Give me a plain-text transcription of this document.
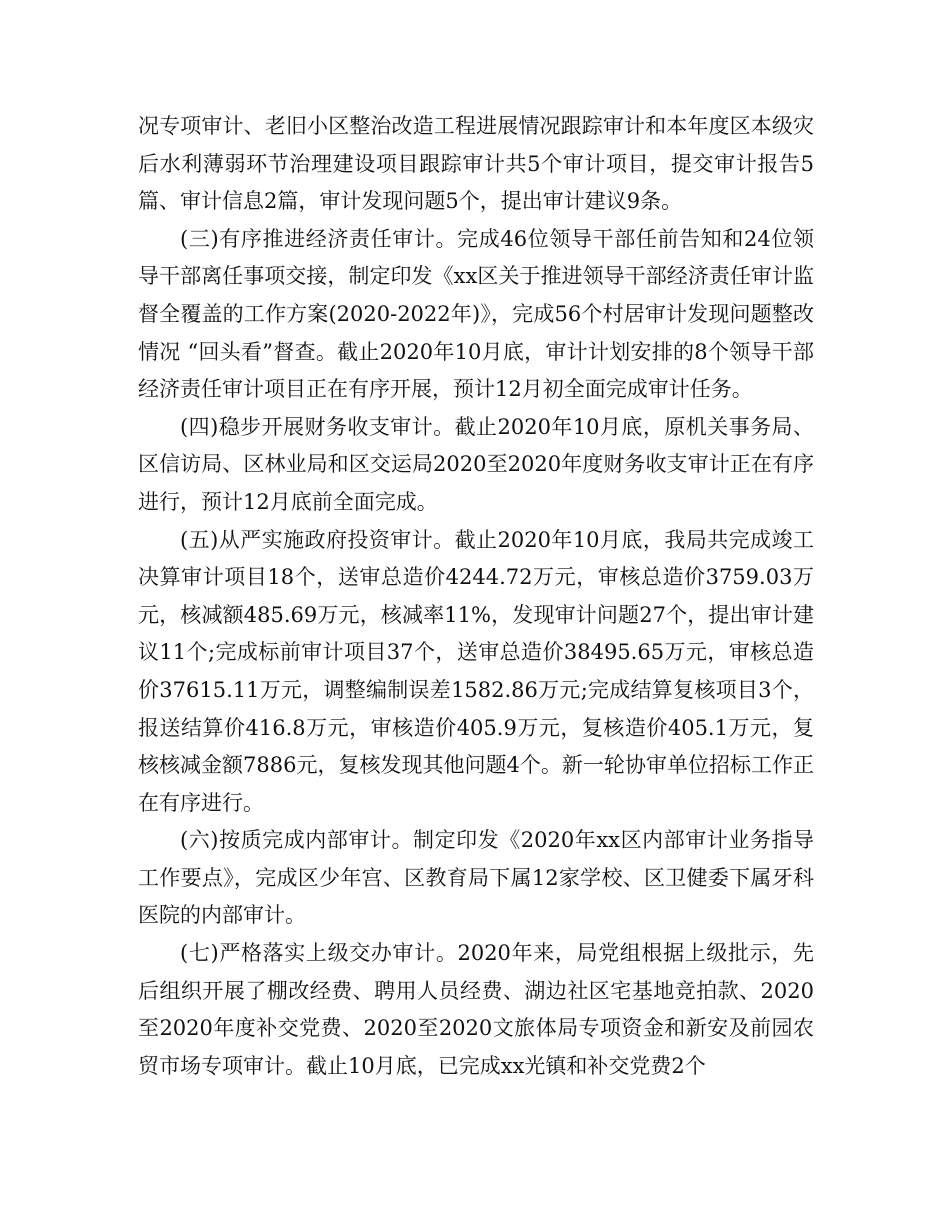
况专项审计、老旧小区整治改造工程进展情况跟踪审计和本年度区本级灾后水利薄弱环节治理建设项目跟踪审计共5个审计项目，提交审计报告5篇、审计信息2篇，审计发现问题5个，提出审计建议9条。

(三)有序推进经济责任审计。完成46位领导干部任前告知和24位领导干部离任事项交接，制定印发《xx区关于推进领导干部经济责任审计监督全覆盖的工作方案(2020-2022年)》，完成56个村居审计发现问题整改情况 “回头看”督查。截止2020年10月底，审计计划安排的8个领导干部经济责任审计项目正在有序开展，预计12月初全面完成审计任务。

(四)稳步开展财务收支审计。截止2020年10月底，原机关事务局、区信访局、区林业局和区交运局2020至2020年度财务收支审计正在有序进行，预计12月底前全面完成。

(五)从严实施政府投资审计。截止2020年10月底，我局共完成竣工决算审计项目18个，送审总造价4244.72万元，审核总造价3759.03万元，核减额485.69万元，核减率11%，发现审计问题27个，提出审计建议11个;完成标前审计项目37个，送审总造价38495.65万元，审核总造价37615.11万元，调整编制误差1582.86万元;完成结算复核项目3个，报送结算价416.8万元，审核造价405.9万元，复核造价405.1万元，复核核减金额7886元，复核发现其他问题4个。新一轮协审单位招标工作正在有序进行。

(六)按质完成内部审计。制定印发《2020年xx区内部审计业务指导工作要点》，完成区少年宫、区教育局下属12家学校、区卫健委下属牙科医院的内部审计。

(七)严格落实上级交办审计。2020年来，局党组根据上级批示，先后组织开展了棚改经费、聘用人员经费、湖边社区宅基地竞拍款、2020至2020年度补交党费、2020至2020文旅体局专项资金和新安及前园农贸市场专项审计。截止10月底，已完成xx光镇和补交党费2个
